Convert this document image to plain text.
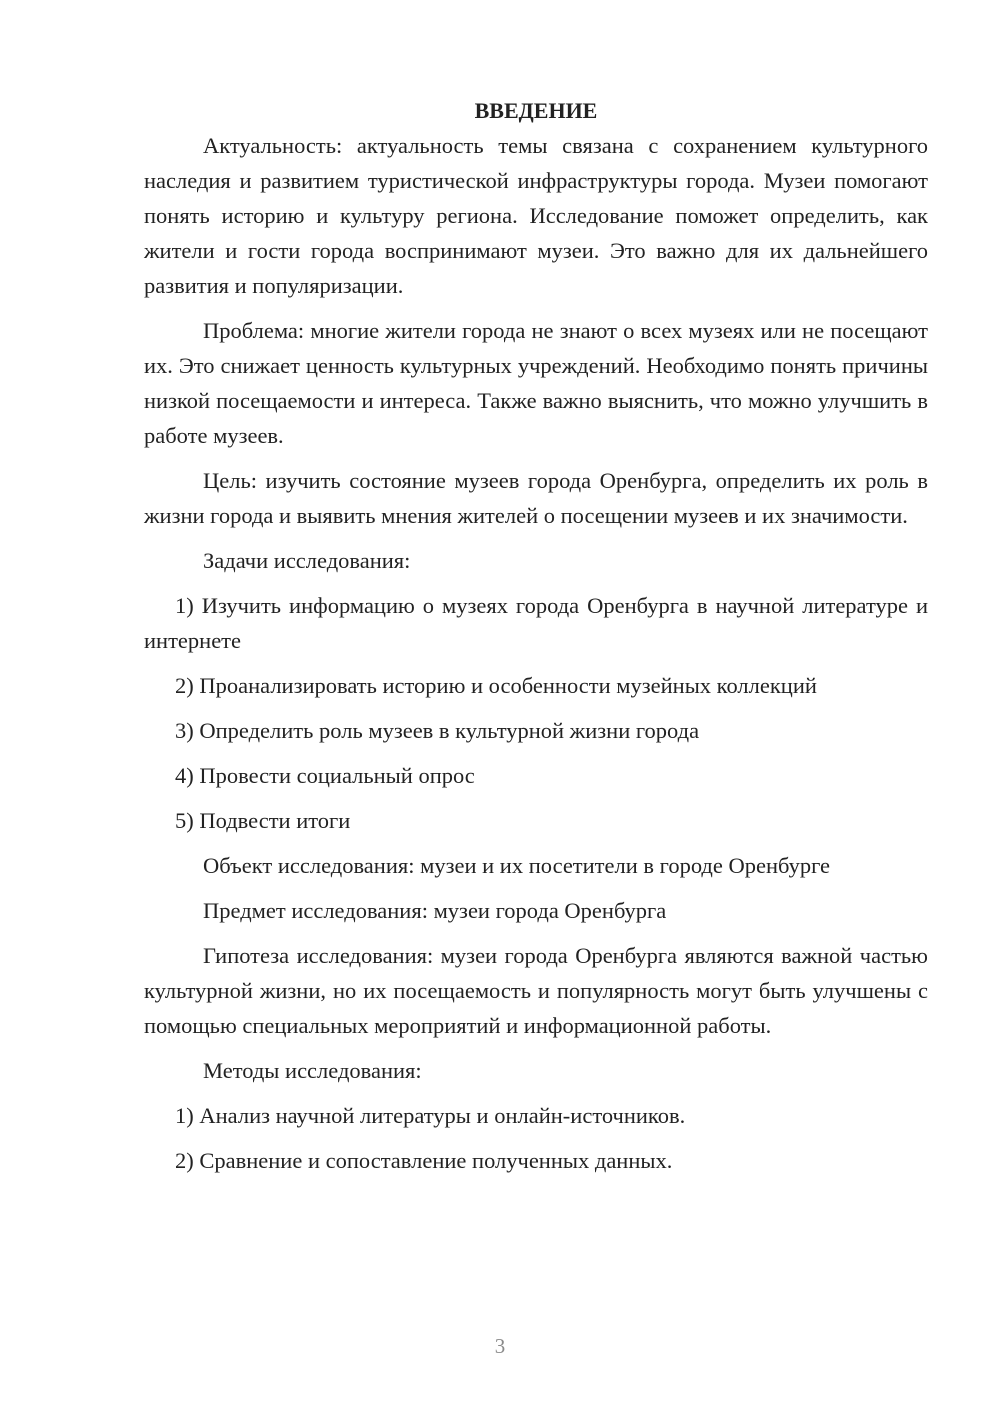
ВВЕДЕНИЕ

Актуальность: актуальность темы связана с сохранением культурного наследия и развитием туристической инфраструктуры города. Музеи помогают понять историю и культуру региона. Исследование поможет определить, как жители и гости города воспринимают музеи. Это важно для их дальнейшего развития и популяризации.

Проблема: многие жители города не знают о всех музеях или не посещают их. Это снижает ценность культурных учреждений. Необходимо понять причины низкой посещаемости и интереса. Также важно выяснить, что можно улучшить в работе музеев.

Цель: изучить состояние музеев города Оренбурга, определить их роль в жизни города и выявить мнения жителей о посещении музеев и их значимости.

Задачи исследования:

1) Изучить информацию о музеях города Оренбурга в научной литературе и интернете

2) Проанализировать историю и особенности музейных коллекций

3) Определить роль музеев в культурной жизни города

4) Провести социальный опрос

5) Подвести итоги

Объект исследования: музеи и их посетители в городе Оренбурге

Предмет исследования: музеи города Оренбурга

Гипотеза исследования: музеи города Оренбурга являются важной частью культурной жизни, но их посещаемость и популярность могут быть улучшены с помощью специальных мероприятий и информационной работы.

Методы исследования:

1) Анализ научной литературы и онлайн-источников.

2) Сравнение и сопоставление полученных данных.

3
